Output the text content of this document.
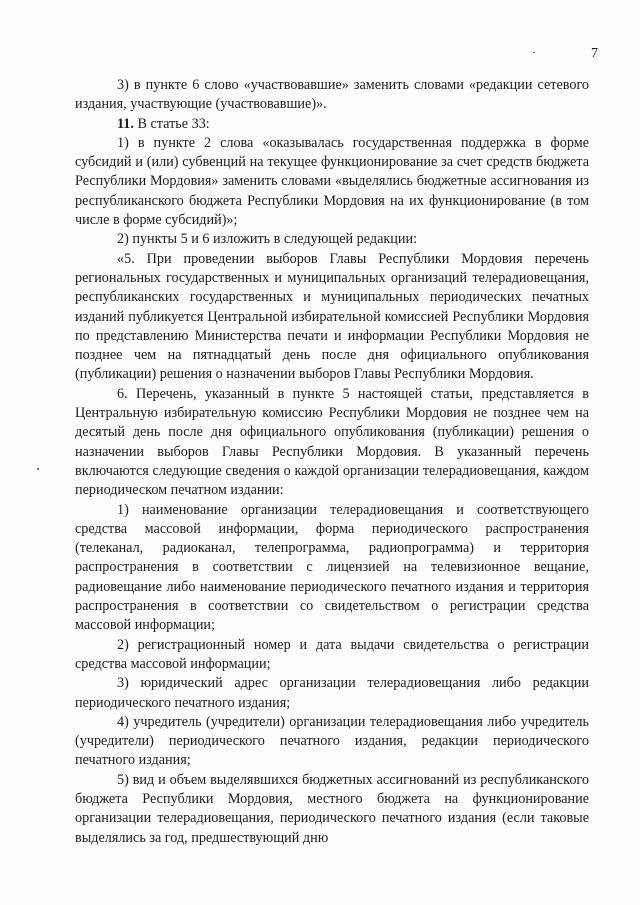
7

3) в пункте 6 слово «участвовавшие» заменить словами «редакции сетевого издания, участвующие (участвовавшие)».

11. В статье 33:

1) в пункте 2 слова «оказывалась государственная поддержка в форме субсидий и (или) субвенций на текущее функционирование за счет средств бюджета Республики Мордовия» заменить словами «выделялись бюджетные ассигнования из республиканского бюджета Республики Мордовия на их функционирование (в том числе в форме субсидий)»;

2) пункты 5 и 6 изложить в следующей редакции:

«5. При проведении выборов Главы Республики Мордовия перечень региональных государственных и муниципальных организаций телерадиовещания, республиканских государственных и муниципальных периодических печатных изданий публикуется Центральной избирательной комиссией Республики Мордовия по представлению Министерства печати и информации Республики Мордовия не позднее чем на пятнадцатый день после дня официального опубликования (публикации) решения о назначении выборов Главы Республики Мордовия.

6. Перечень, указанный в пункте 5 настоящей статьи, представляется в Центральную избирательную комиссию Республики Мордовия не позднее чем на десятый день после дня официального опубликования (публикации) решения о назначении выборов Главы Республики Мордовия. В указанный перечень включаются следующие сведения о каждой организации телерадиовещания, каждом периодическом печатном издании:

1) наименование организации телерадиовещания и соответствующего средства массовой информации, форма периодического распространения (телеканал, радиоканал, телепрограмма, радиопрограмма) и территория распространения в соответствии с лицензией на телевизионное вещание, радиовещание либо наименование периодического печатного издания и территория распространения в соответствии со свидетельством о регистрации средства массовой информации;

2) регистрационный номер и дата выдачи свидетельства о регистрации средства массовой информации;

3) юридический адрес организации телерадиовещания либо редакции периодического печатного издания;

4) учредитель (учредители) организации телерадиовещания либо учредитель (учредители) периодического печатного издания, редакции периодического печатного издания;

5) вид и объем выделявшихся бюджетных ассигнований из республиканского бюджета Республики Мордовия, местного бюджета на функционирование организации телерадиовещания, периодического печатного издания (если таковые выделялись за год, предшествующий дню
